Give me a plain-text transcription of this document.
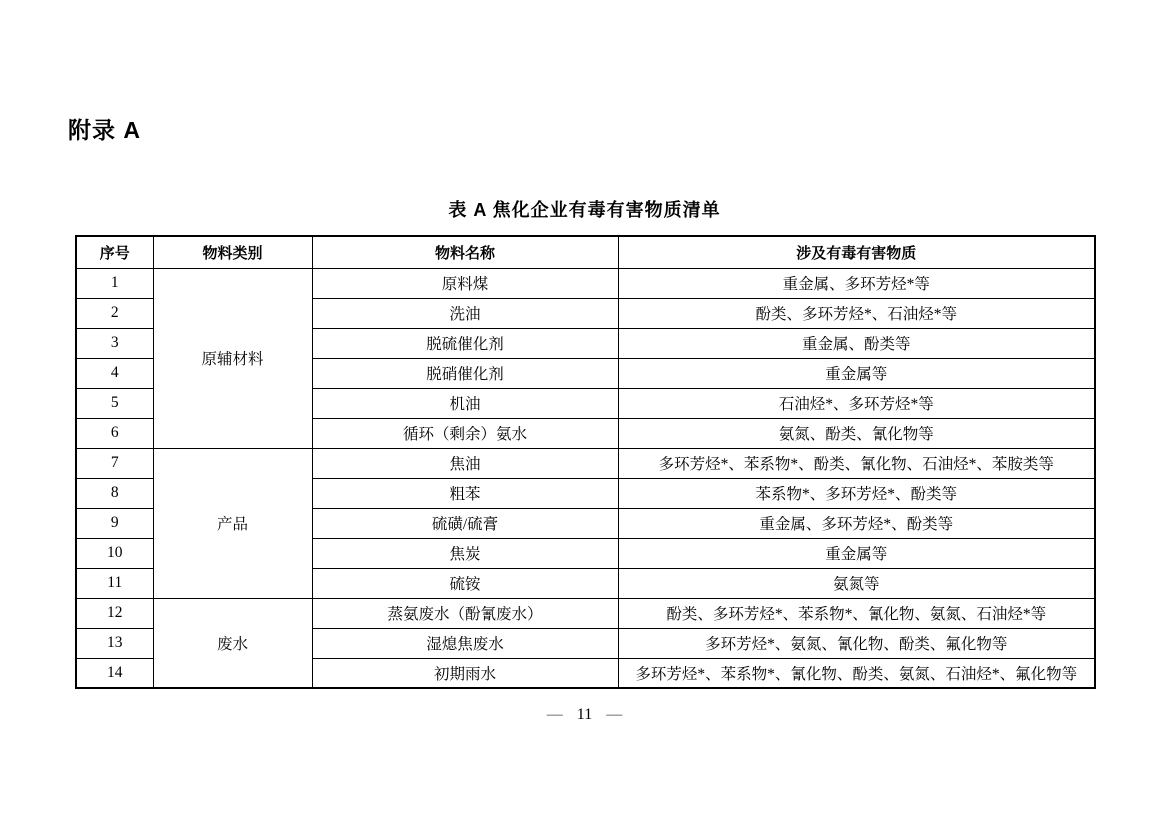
附录 A
表 A 焦化企业有毒有害物质清单
序号	物料类别	物料名称	涉及有毒有害物质
1	原辅材料	原料煤	重金属、多环芳烃*等
2		洗油	酚类、多环芳烃*、石油烃*等
3		脱硫催化剂	重金属、酚类等
4		脱硝催化剂	重金属等
5		机油	石油烃*、多环芳烃*等
6		循环（剩余）氨水	氨氮、酚类、氰化物等
7	产品	焦油	多环芳烃*、苯系物*、酚类、氰化物、石油烃*、苯胺类等
8		粗苯	苯系物*、多环芳烃*、酚类等
9		硫磺/硫膏	重金属、多环芳烃*、酚类等
10		焦炭	重金属等
11		硫铵	氨氮等
12	废水	蒸氨废水（酚氰废水）	酚类、多环芳烃*、苯系物*、氰化物、氨氮、石油烃*等
13		湿熄焦废水	多环芳烃*、氨氮、氰化物、酚类、氟化物等
14		初期雨水	多环芳烃*、苯系物*、氰化物、酚类、氨氮、石油烃*、氟化物等
— 11 —
